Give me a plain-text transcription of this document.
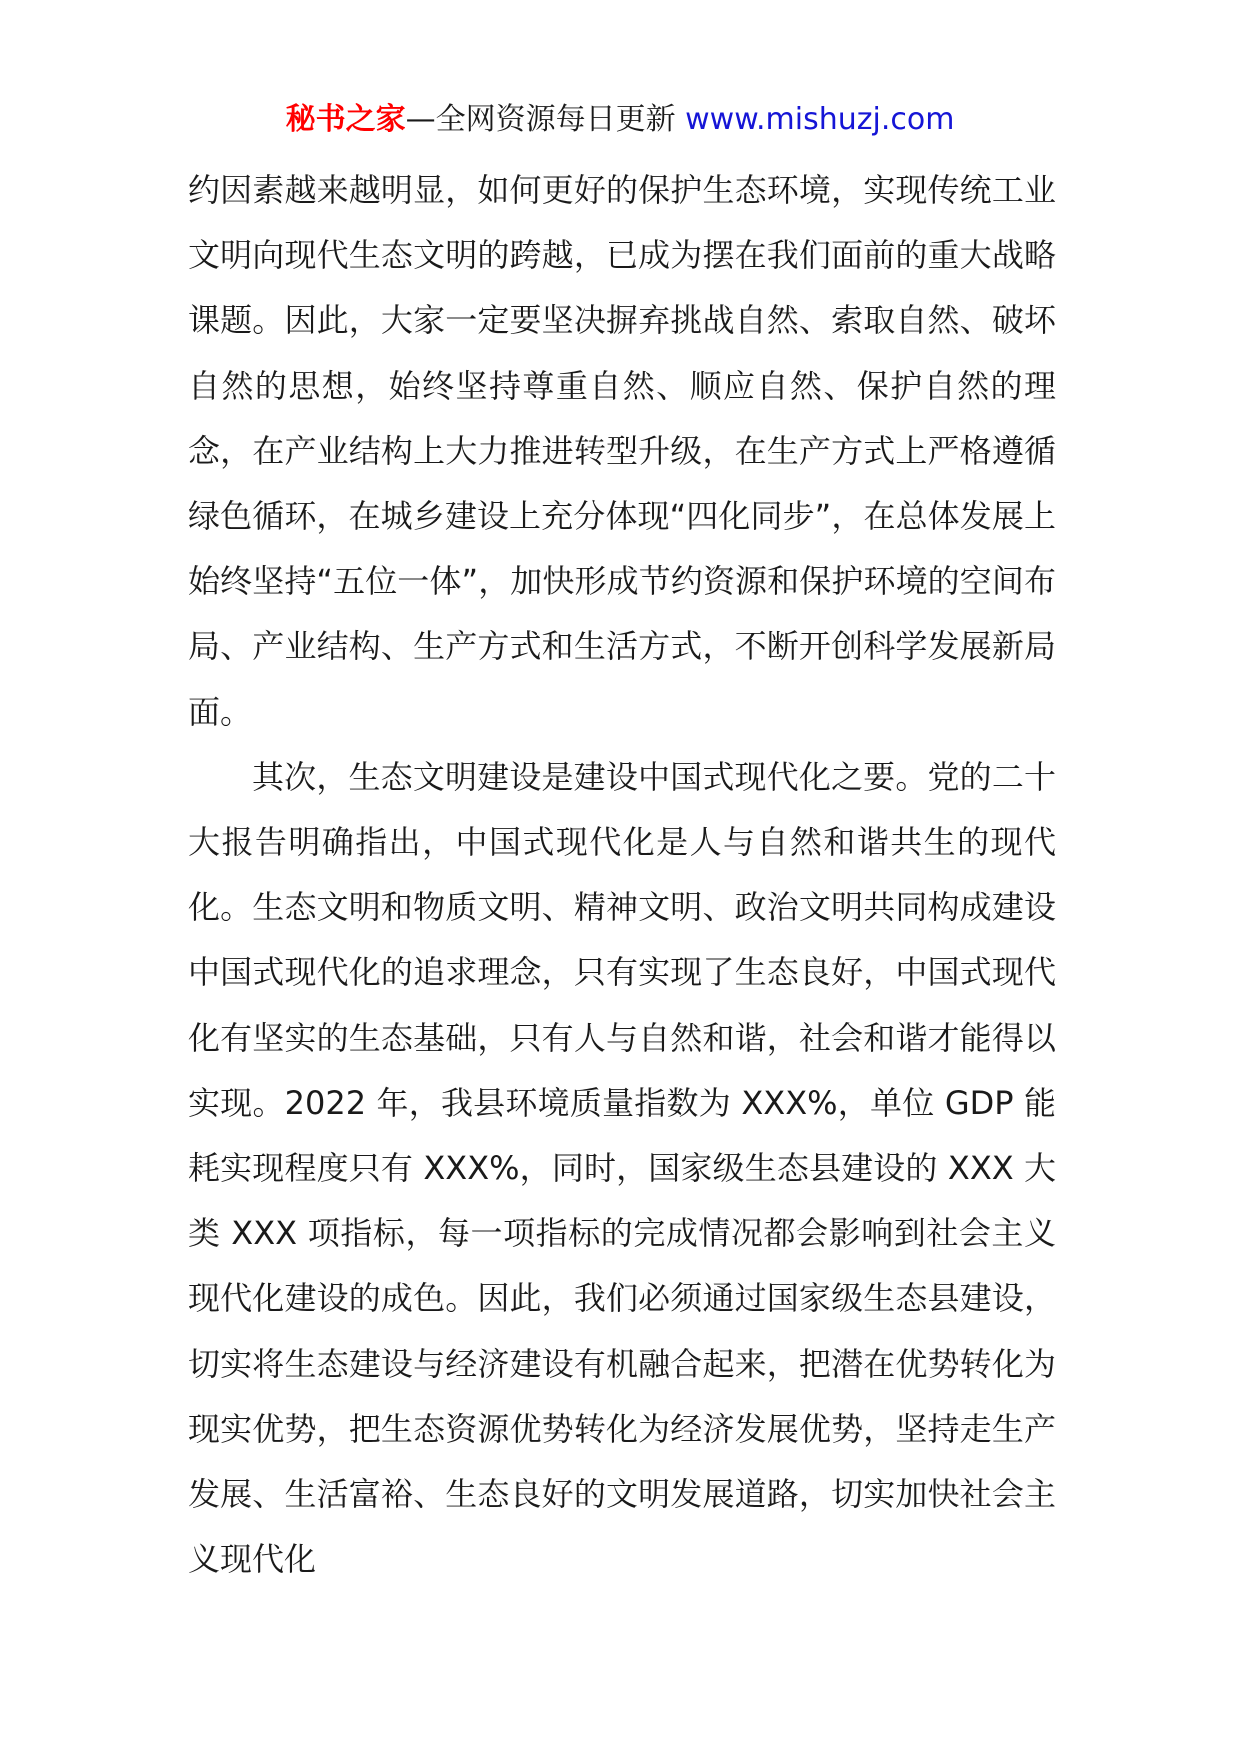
秘书之家—全网资源每日更新 www.mishuzj.com

约因素越来越明显，如何更好的保护生态环境，实现传统工业文明向现代生态文明的跨越，已成为摆在我们面前的重大战略课题。因此，大家一定要坚决摒弃挑战自然、索取自然、破坏自然的思想，始终坚持尊重自然、顺应自然、保护自然的理念，在产业结构上大力推进转型升级，在生产方式上严格遵循绿色循环，在城乡建设上充分体现“四化同步”，在总体发展上始终坚持“五位一体”，加快形成节约资源和保护环境的空间布局、产业结构、生产方式和生活方式，不断开创科学发展新局面。

其次，生态文明建设是建设中国式现代化之要。党的二十大报告明确指出，中国式现代化是人与自然和谐共生的现代化。生态文明和物质文明、精神文明、政治文明共同构成建设中国式现代化的追求理念，只有实现了生态良好，中国式现代化有坚实的生态基础，只有人与自然和谐，社会和谐才能得以实现。2022 年，我县环境质量指数为 XXX%，单位 GDP 能耗实现程度只有 XXX%，同时，国家级生态县建设的 XXX 大类 XXX 项指标，每一项指标的完成情况都会影响到社会主义现代化建设的成色。因此，我们必须通过国家级生态县建设，切实将生态建设与经济建设有机融合起来，把潜在优势转化为现实优势，把生态资源优势转化为经济发展优势，坚持走生产发展、生活富裕、生态良好的文明发展道路，切实加快社会主义现代化
